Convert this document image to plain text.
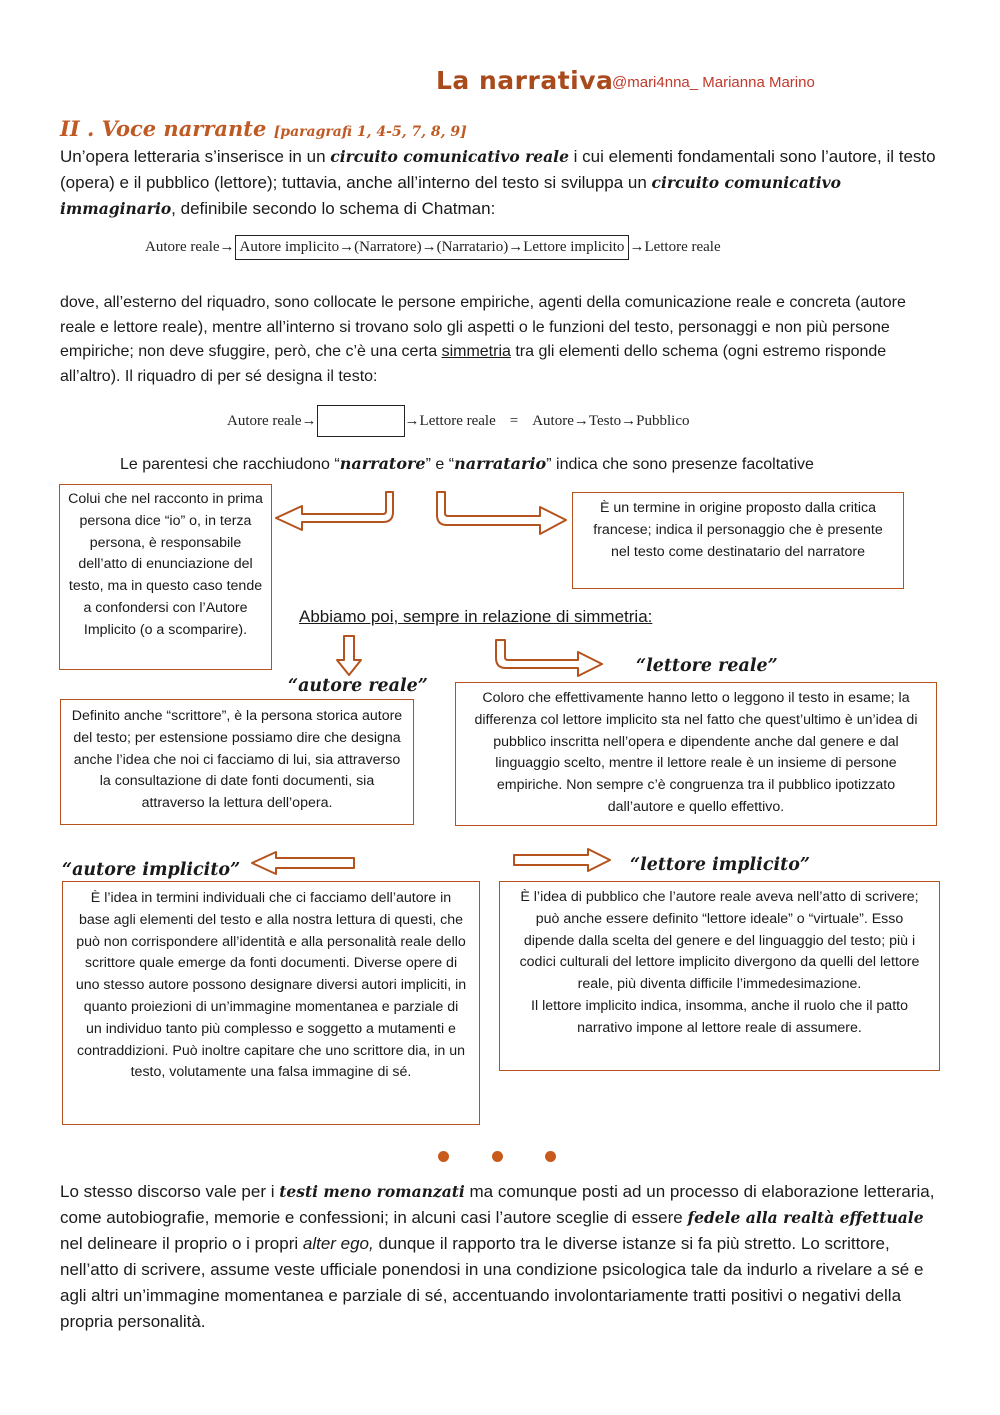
La narrativa
@mari4nna_ Marianna Marino
II . Voce narrante [paragrafi 1, 4-5, 7, 8, 9]
Un’opera letteraria s’inserisce in un circuito comunicativo reale i cui elementi fondamentali sono l’autore, il testo (opera) e il pubblico (lettore); tuttavia, anche all’interno del testo si sviluppa un circuito comunicativo immaginario, definibile secondo lo schema di Chatman:
Autore reale→ Autore implicito→(Narratore)→(Narratario)→Lettore implicito →Lettore reale
dove, all’esterno del riquadro, sono collocate le persone empiriche, agenti della comunicazione reale e concreta (autore reale e lettore reale), mentre all’interno si trovano solo gli aspetti o le funzioni del testo, personaggi e non più persone empiriche; non deve sfuggire, però, che c’è una certa simmetria tra gli elementi dello schema (ogni estremo risponde all’altro). Il riquadro di per sé designa il testo:
Autore reale →	→ Lettore reale = Autore → Testo → Pubblico
Le parentesi che racchiudono “narratore” e “narratario” indica che sono presenze facoltative
Colui che nel racconto in prima persona dice “io” o, in terza persona, è responsabile dell’atto di enunciazione del testo, ma in questo caso tende a confondersi con l’Autore Implicito (o a scomparire).
È un termine in origine proposto dalla critica francese; indica il personaggio che è presente nel testo come destinatario del narratore
Abbiamo poi, sempre in relazione di simmetria:
“lettore reale”
“autore reale”
“autore implicito”	“lettore implicito”
Definito anche “scrittore”, è la persona storica autore del testo; per estensione possiamo dire che designa anche l’idea che noi ci facciamo di lui, sia attraverso la consultazione di date fonti documenti, sia attraverso la lettura dell’opera.
Coloro che effettivamente hanno letto o leggono il testo in esame; la differenza col lettore implicito sta nel fatto che quest’ultimo è un’idea di pubblico inscritta nell’opera e dipendente anche dal genere e dal linguaggio scelto, mentre il lettore reale è un insieme di persone empiriche. Non sempre c’è congruenza tra il pubblico ipotizzato dall’autore e quello effettivo.
È l’idea in termini individuali che ci facciamo dell’autore in base agli elementi del testo e alla nostra lettura di questi, che può non corrispondere all’identità e alla personalità reale dello scrittore quale emerge da fonti documenti. Diverse opere di uno stesso autore possono designare diversi autori impliciti, in quanto proiezioni di un’immagine momentanea e parziale di un individuo tanto più complesso e soggetto a mutamenti e contraddizioni. Può inoltre capitare che uno scrittore dia, in un testo, volutamente una falsa immagine di sé.
È l’idea di pubblico che l’autore reale aveva nell’atto di scrivere; può anche essere definito “lettore ideale” o “virtuale”. Esso dipende dalla scelta del genere e del linguaggio del testo; più i codici culturali del lettore implicito divergono da quelli del lettore reale, più diventa difficile l’immedesimazione.
Il lettore implicito indica, insomma, anche il ruolo che il patto narrativo impone al lettore reale di assumere.
Lo stesso discorso vale per i testi meno romanzati ma comunque posti ad un processo di elaborazione letteraria, come autobiografie, memorie e confessioni; in alcuni casi l’autore sceglie di essere fedele alla realtà effettuale nel delineare il proprio o i propri alter ego, dunque il rapporto tra le diverse istanze si fa più stretto. Lo scrittore, nell’atto di scrivere, assume veste ufficiale ponendosi in una condizione psicologica tale da indurlo a rivelare a sé e agli altri un’immagine momentanea e parziale di sé, accentuando involontariamente tratti positivi o negativi della propria personalità.
